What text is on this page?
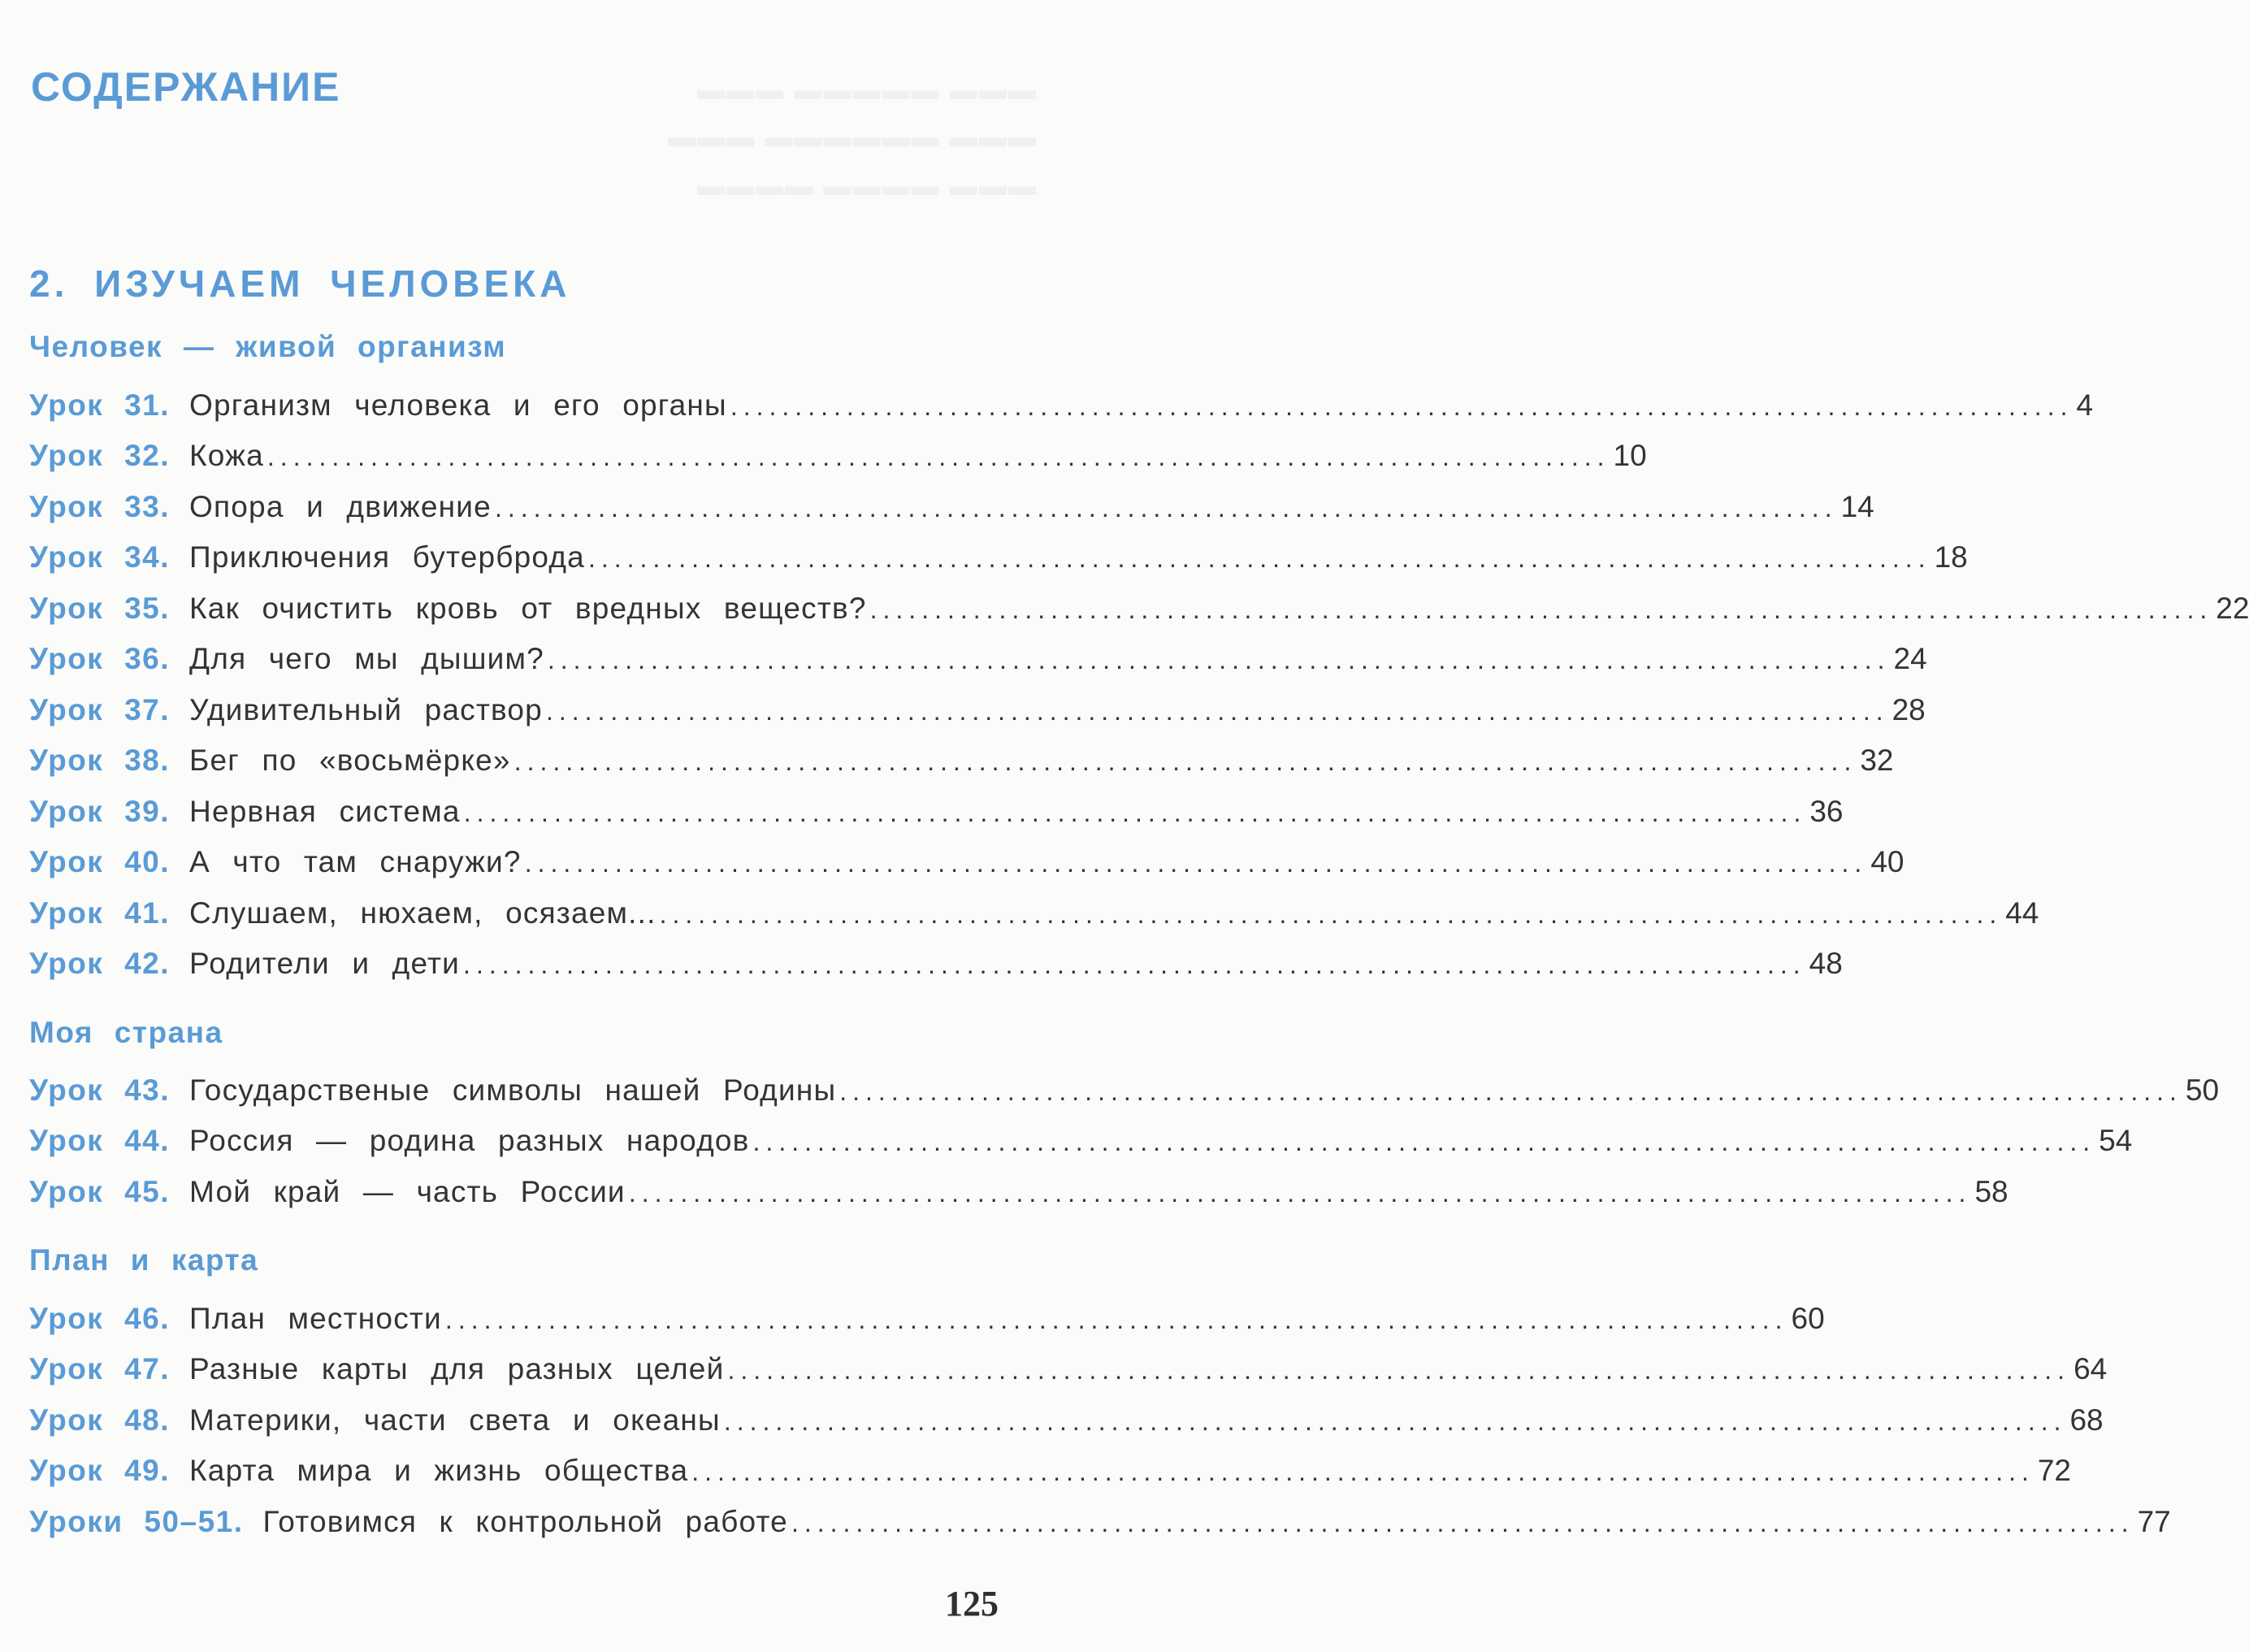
▬▬▬ ▬▬▬▬▬ ▬▬▬
▬▬▬ ▬▬▬▬▬▬ ▬▬▬
▬▬▬ ▬▬▬▬ ▬▬▬▬
СОДЕРЖАНИЕ
2. ИЗУЧАЕМ ЧЕЛОВЕКА
Человек — живой организм
Урок 31. Организм человека и его органы ........................................................................................................ 4
Урок 32. Кожа ........................................................................................................ 10
Урок 33. Опора и движение ........................................................................................................ 14
Урок 34. Приключения бутерброда ........................................................................................................ 18
Урок 35. Как очистить кровь от вредных веществ? ........................................................................................................ 22
Урок 36. Для чего мы дышим? ........................................................................................................ 24
Урок 37. Удивительный раствор ........................................................................................................ 28
Урок 38. Бег по «восьмёрке» ........................................................................................................ 32
Урок 39. Нервная система ........................................................................................................ 36
Урок 40. А что там снаружи? ........................................................................................................ 40
Урок 41. Слушаем, нюхаем, осязаем... ........................................................................................................ 44
Урок 42. Родители и дети ........................................................................................................ 48
Моя страна
Урок 43. Государственые символы нашей Родины ........................................................................................................ 50
Урок 44. Россия — родина разных народов ........................................................................................................ 54
Урок 45. Мой край — часть России ........................................................................................................ 58
План и карта
Урок 46. План местности ........................................................................................................ 60
Урок 47. Разные карты для разных целей ........................................................................................................ 64
Урок 48. Материки, части света и океаны ........................................................................................................ 68
Урок 49. Карта мира и жизнь общества ........................................................................................................ 72
Уроки 50–51. Готовимся к контрольной работе ........................................................................................................ 77
125
